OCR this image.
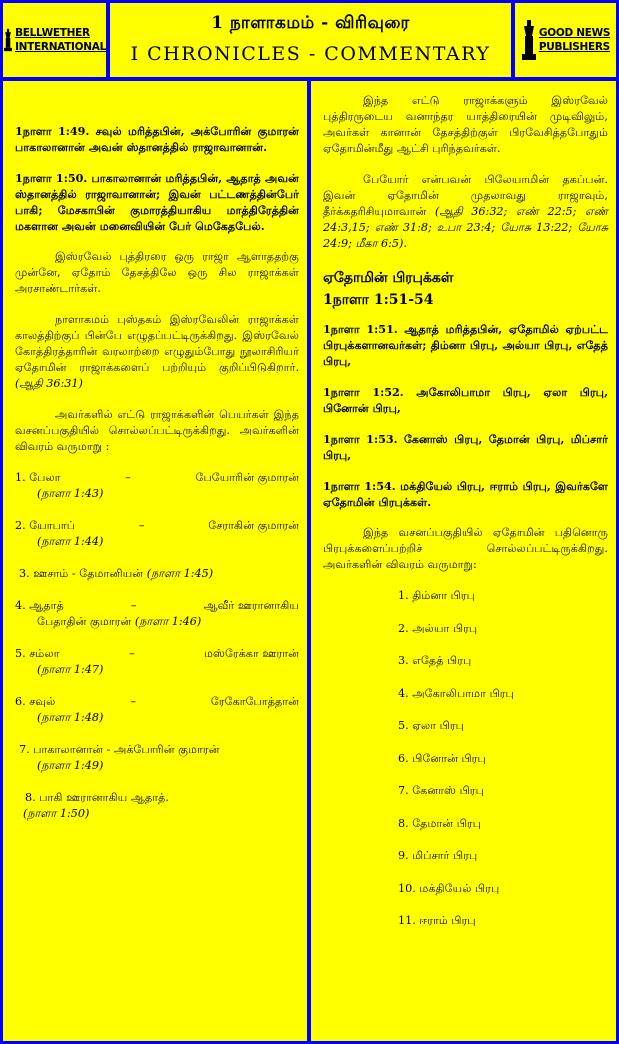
BELLWETHER
INTERNATIONAL
1 நாளாகமம் - விரிவுரை
I CHRONICLES - COMMENTARY
GOOD NEWS
PUBLISHERS

1நாளா 1:49. சவுல் மரித்தபின், அக்போரின் குமாரன் பாகாலானான் அவன் ஸ்தானத்தில் ராஜாவானான்.

1நாளா 1:50. பாகாலானான் மரித்தபின், ஆதாத் அவன் ஸ்தானத்தில் ராஜாவானான்; இவன் பட்டணத்தின்பேர் பாகி; மேசகாபின் குமாரத்தியாகிய மாத்திரேத்தின் மகளான அவன் மனைவியின் பேர் மெகேதபேல்.

இஸ்ரவேல் புத்திரரை ஒரு ராஜா ஆளாததற்கு முன்னே, ஏதோம் தேசத்திலே ஒரு சில ராஜாக்கள் அரசாண்டார்கள்.

நாளாகமம் புஸ்தகம் இஸ்ரவேலின் ராஜாக்கள் காலத்திற்குப் பின்பே எழுதப்பட்டிருக்கிறது. இஸ்ரவேல் கோத்திரத்தாரின் வரலாற்றை எழுதும்போது நூலாசிரியர் ஏதோமின் ராஜாக்களைப் பற்றியும் குறிப்பிடுகிறார். (ஆதி 36:31)

அவர்களில் எட்டு ராஜாக்களின் பெயர்கள் இந்த வசனப்பகுதியில் சொல்லப்பட்டிருக்கிறது. அவர்களின் விவரம் வருமாறு :

1. பேலா	–	பேயோரின் குமாரன்
(நாளா 1:43)
2. யோபாப்	–	சேராகின் குமாரன்
(நாளா 1:44)
3. ஊசாம் - தேமானியன் (நாளா 1:45)
4. ஆதாத்	–	ஆவீர் ஊரானாகிய
பேதாதின் குமாரன் (நாளா 1:46)
5. சம்லா	–	மஸ்ரேக்கா ஊரான்
(நாளா 1:47)
6. சவுல்	–	ரேகோபோத்தான்
(நாளா 1:48)
7. பாகாலானான் - அக்போரின் குமாரன்
(நாளா 1:49)
8. பாகி ஊரானாகிய ஆதாத்.
(நாளா 1:50)

இந்த எட்டு ராஜாக்களும் இஸ்ரவேல் புத்திரருடைய வனாந்தர யாத்திரையின் முடிவிலும், அவர்கள் கானான் தேசத்திற்குள் பிரவேசித்தபோதும் ஏதோமின்மீது ஆட்சி புரிந்தவர்கள்.

பேயோர் என்பவன் பிலேயாமின் தகப்பன். இவன் ஏதோமின் முதலாவது ராஜாவும், தீர்க்கதரிசியுமாவான் (ஆதி 36:32; எண் 22:5; எண் 24:3,15; எண் 31:8; உபா 23:4; யோசு 13:22; யோசு 24:9; மீகா 6:5).

ஏதோமின் பிரபுக்கள்
1நாளா 1:51-54

1நாளா 1:51. ஆதாத் மரித்தபின், ஏதோமில் ஏற்பட்ட பிரபுக்களானவர்கள்; திம்னா பிரபு, அல்யா பிரபு, எதேத் பிரபு,

1நாளா 1:52. அகோலிபாமா பிரபு, ஏலா பிரபு, பினோன் பிரபு,

1நாளா 1:53. கேனாஸ் பிரபு, தேமான் பிரபு, மிப்சார் பிரபு,

1நாளா 1:54. மக்தியேல் பிரபு, ஈராம் பிரபு, இவர்களே ஏதோமின் பிரபுக்கள்.

இந்த வசனப்பகுதியில் ஏதோமின் பதினொரு பிரபுக்களைப்பற்றிச் சொல்லப்பட்டிருக்கிறது. அவர்களின் விவரம் வருமாறு:

1. திம்னா பிரபு
2. அல்யா பிரபு
3. எதேத் பிரபு
4. அகோலிபாமா பிரபு
5. ஏலா பிரபு
6. பினோன் பிரபு
7. கேனாஸ் பிரபு
8. தேமான் பிரபு
9. மிப்சார் பிரபு
10. மக்தியேல் பிரபு
11. ஈராம் பிரபு
